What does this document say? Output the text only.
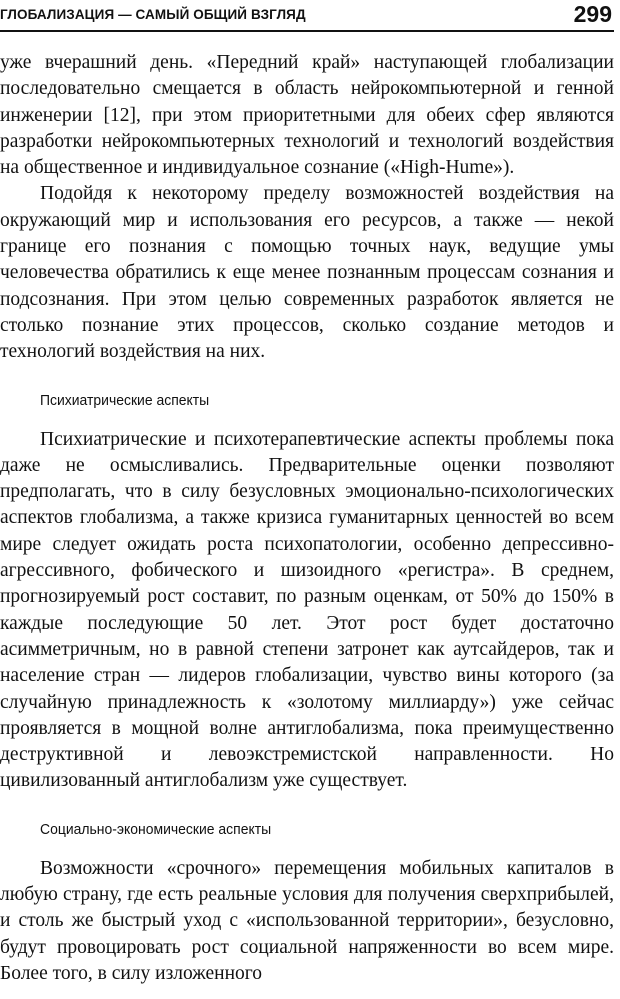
ГЛОБАЛИЗАЦИЯ — САМЫЙ ОБЩИЙ ВЗГЛЯД	299

уже вчерашний день. «Передний край» наступающей глобализации последовательно смещается в область нейрокомпьютерной и генной инженерии [12], при этом приоритетными для обеих сфер являются разработки нейрокомпьютерных технологий и технологий воздействия на общественное и индивидуальное сознание («High-Hume»).

Подойдя к некоторому пределу возможностей воздействия на окружающий мир и использования его ресурсов, а также — некой границе его познания с помощью точных наук, ведущие умы человечества обратились к еще менее познанным процессам сознания и подсознания. При этом целью современных разработок является не столько познание этих процессов, сколько создание методов и технологий воздействия на них.

Психиатрические аспекты

Психиатрические и психотерапевтические аспекты проблемы пока даже не осмысливались. Предварительные оценки позволяют предполагать, что в силу безусловных эмоционально-психологических аспектов глобализма, а также кризиса гуманитарных ценностей во всем мире следует ожидать роста психопатологии, особенно депрессивно-агрессивного, фобического и шизоидного «регистра». В среднем, прогнозируемый рост составит, по разным оценкам, от 50% до 150% в каждые последующие 50 лет. Этот рост будет достаточно асимметричным, но в равной степени затронет как аутсайдеров, так и население стран — лидеров глобализации, чувство вины которого (за случайную принадлежность к «золотому миллиарду») уже сейчас проявляется в мощной волне антиглобализма, пока преимущественно деструктивной и левоэкстремистской направленности. Но цивилизованный антиглобализм уже существует.

Социально-экономические аспекты

Возможности «срочного» перемещения мобильных капиталов в любую страну, где есть реальные условия для получения сверхприбылей, и столь же быстрый уход с «использованной территории», безусловно, будут провоцировать рост социальной напряженности во всем мире. Более того, в силу изложенного
